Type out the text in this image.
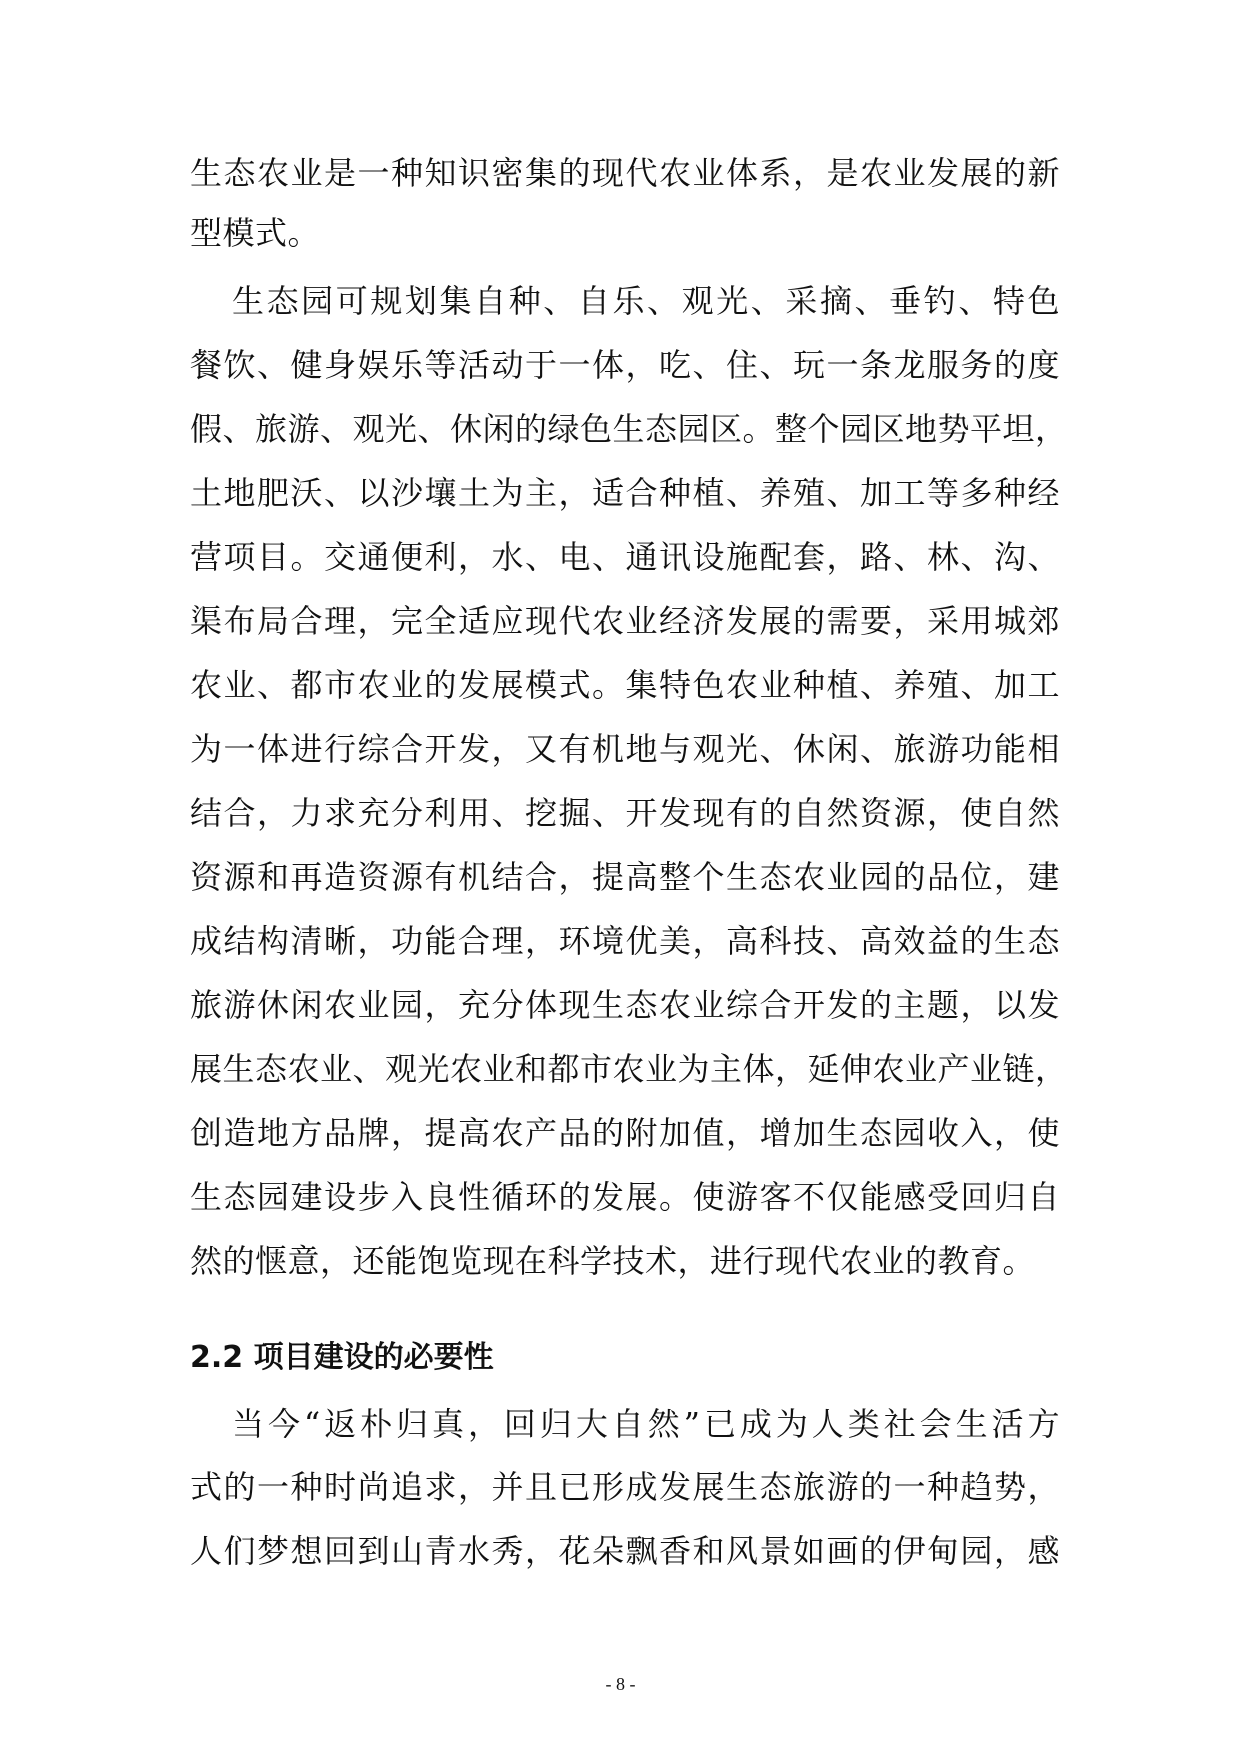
生态农业是一种知识密集的现代农业体系，是农业发展的新
型模式。
生态园可规划集自种、自乐、观光、采摘、垂钓、特色
餐饮、健身娱乐等活动于一体，吃、住、玩一条龙服务的度
假、旅游、观光、休闲的绿色生态园区。整个园区地势平坦，
土地肥沃、以沙壤土为主，适合种植、养殖、加工等多种经
营项目。交通便利，水、电、通讯设施配套，路、林、沟、
渠布局合理，完全适应现代农业经济发展的需要，采用城郊
农业、都市农业的发展模式。集特色农业种植、养殖、加工
为一体进行综合开发，又有机地与观光、休闲、旅游功能相
结合，力求充分利用、挖掘、开发现有的自然资源，使自然
资源和再造资源有机结合，提高整个生态农业园的品位，建
成结构清晰，功能合理，环境优美，高科技、高效益的生态
旅游休闲农业园，充分体现生态农业综合开发的主题，以发
展生态农业、观光农业和都市农业为主体，延伸农业产业链，
创造地方品牌，提高农产品的附加值，增加生态园收入，使
生态园建设步入良性循环的发展。使游客不仅能感受回归自
然的惬意，还能饱览现在科学技术，进行现代农业的教育。
2.2 项目建设的必要性
当今“返朴归真，回归大自然”已成为人类社会生活方
式的一种时尚追求，并且已形成发展生态旅游的一种趋势，
人们梦想回到山青水秀，花朵飘香和风景如画的伊甸园，感
- 8 -
